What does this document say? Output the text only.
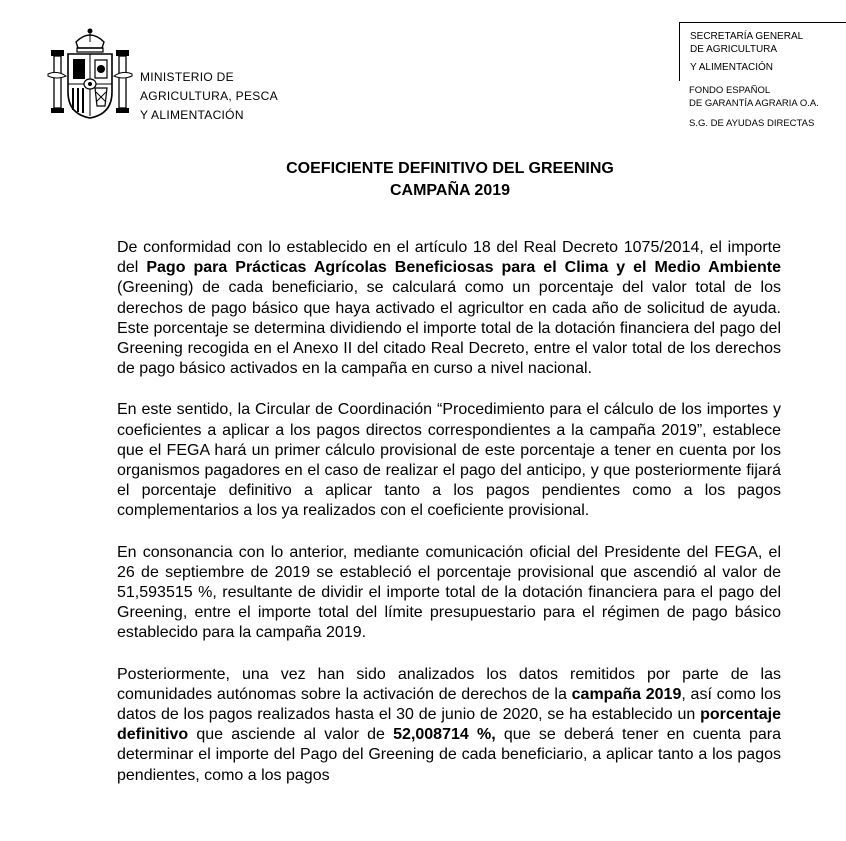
MINISTERIO DE
AGRICULTURA, PESCA
Y ALIMENTACIÓN
SECRETARÍA GENERAL
DE AGRICULTURA
Y ALIMENTACIÓN
FONDO ESPAÑOL
DE GARANTÍA AGRARIA O.A.
S.G. DE AYUDAS DIRECTAS
COEFICIENTE DEFINITIVO DEL GREENING
CAMPAÑA 2019

De conformidad con lo establecido en el artículo 18 del Real Decreto 1075/2014, el importe del Pago para Prácticas Agrícolas Beneficiosas para el Clima y el Medio Ambiente (Greening) de cada beneficiario, se calculará como un porcentaje del valor total de los derechos de pago básico que haya activado el agricultor en cada año de solicitud de ayuda. Este porcentaje se determina dividiendo el importe total de la dotación financiera del pago del Greening recogida en el Anexo II del citado Real Decreto, entre el valor total de los derechos de pago básico activados en la campaña en curso a nivel nacional.

En este sentido, la Circular de Coordinación “Procedimiento para el cálculo de los importes y coeficientes a aplicar a los pagos directos correspondientes a la campaña 2019”, establece que el FEGA hará un primer cálculo provisional de este porcentaje a tener en cuenta por los organismos pagadores en el caso de realizar el pago del anticipo, y que posteriormente fijará el porcentaje definitivo a aplicar tanto a los pagos pendientes como a los pagos complementarios a los ya realizados con el coeficiente provisional.

En consonancia con lo anterior, mediante comunicación oficial del Presidente del FEGA, el 26 de septiembre de 2019 se estableció el porcentaje provisional que ascendió al valor de 51,593515 %, resultante de dividir el importe total de la dotación financiera para el pago del Greening, entre el importe total del límite presupuestario para el régimen de pago básico establecido para la campaña 2019.

Posteriormente, una vez han sido analizados los datos remitidos por parte de las comunidades autónomas sobre la activación de derechos de la campaña 2019, así como los datos de los pagos realizados hasta el 30 de junio de 2020, se ha establecido un porcentaje definitivo que asciende al valor de 52,008714 %, que se deberá tener en cuenta para determinar el importe del Pago del Greening de cada beneficiario, a aplicar tanto a los pagos pendientes, como a los pagos
